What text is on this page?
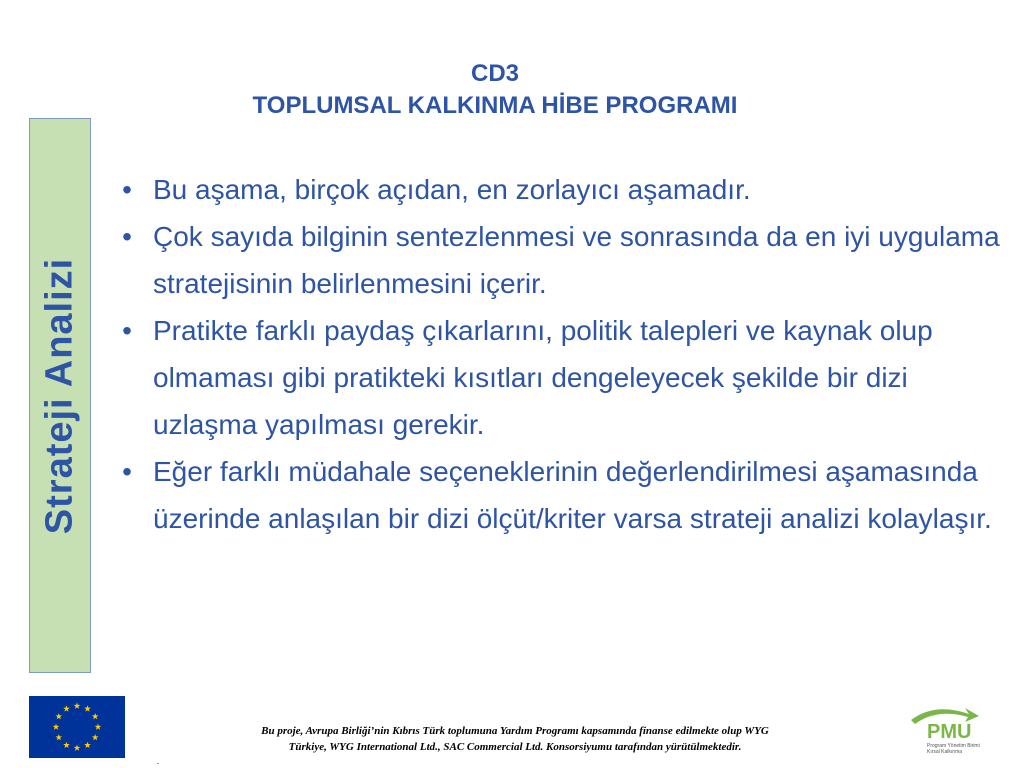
CD3
TOPLUMSAL KALKINMA HİBE PROGRAMI
Strateji Analizi
• Bu aşama, birçok açıdan, en zorlayıcı aşamadır.
• Çok sayıda bilginin sentezlenmesi ve sonrasında da en iyi uygulama stratejisinin belirlenmesini içerir.
• Pratikte farklı paydaş çıkarlarını, politik talepleri ve kaynak olup olmaması gibi pratikteki kısıtları dengeleyecek şekilde bir dizi uzlaşma yapılması gerekir.
• Eğer farklı müdahale seçeneklerinin değerlendirilmesi aşamasında üzerinde anlaşılan bir dizi ölçüt/kriter varsa strateji analizi kolaylaşır.
Bu proje, Avrupa Birliği’nin Kıbrıs Türk toplumuna Yardım Programı kapsamında finanse edilmekte olup WYG
Türkiye, WYG International Ltd., SAC Commercial Ltd. Konsorsiyumu tarafından yürütülmektedir.
.
PMU
Program Yönetim Birimi
Kırsal Kalkınma
